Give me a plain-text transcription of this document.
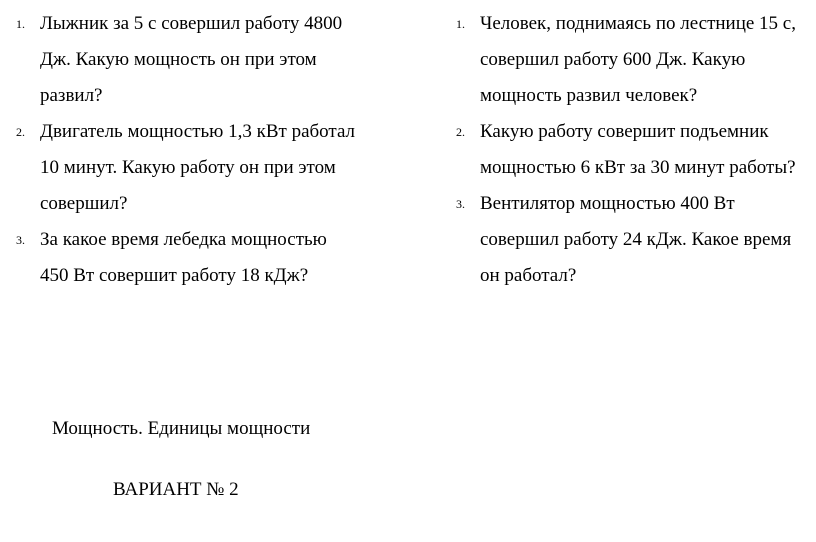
1. Лыжник за 5 с совершил работу 4800
Дж. Какую мощность он при этом
развил?
2. Двигатель мощностью 1,3 кВт работал
10 минут. Какую работу он при этом
совершил?
3. За какое время лебедка мощностью
450 Вт совершит работу 18 кДж?
1. Человек, поднимаясь по лестнице 15 с,
совершил работу 600 Дж. Какую
мощность развил человек?
2. Какую работу совершит подъемник
мощностью 6 кВт за 30 минут работы?
3. Вентилятор мощностью 400 Вт
совершил работу 24 кДж. Какое время
он работал?
Мощность. Единицы мощности
ВАРИАНТ № 2
